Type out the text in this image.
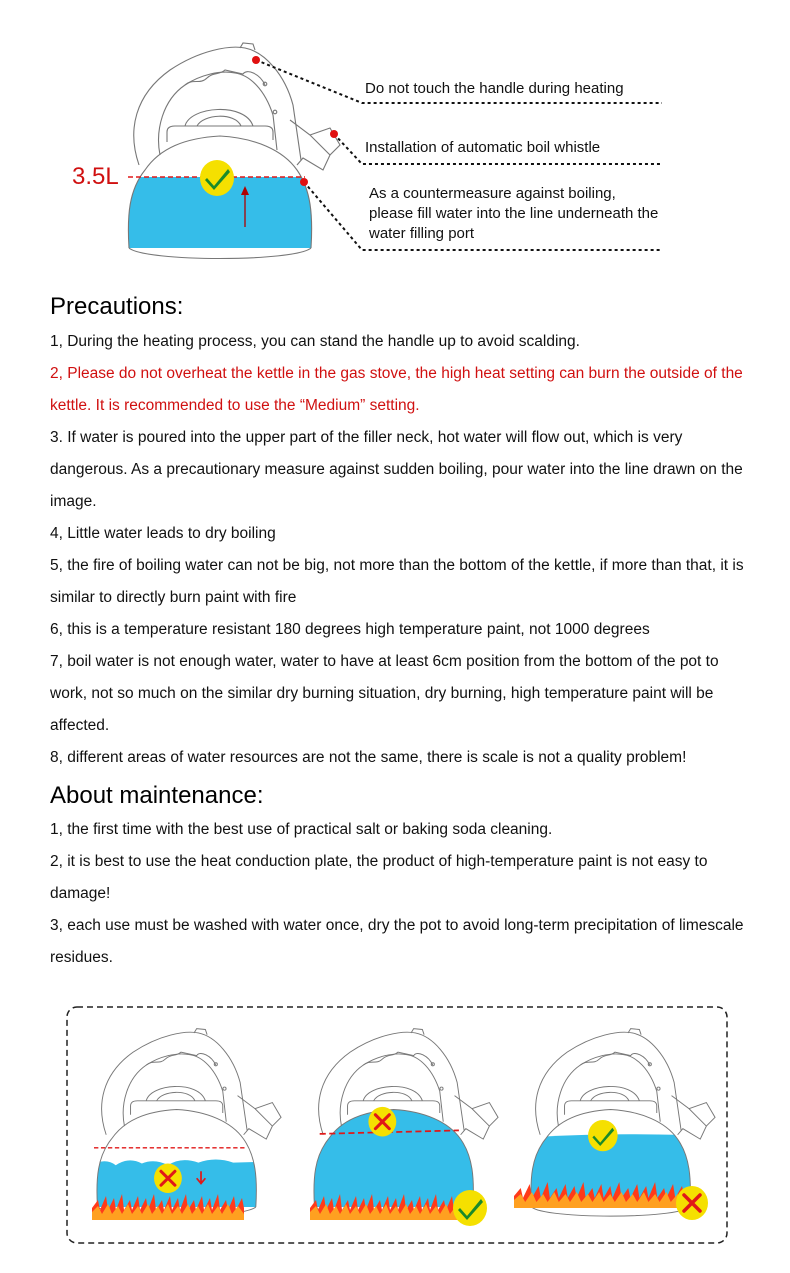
3.5L
Do not touch the handle during heating
Installation of automatic boil whistle
As a countermeasure against boiling, please fill water into the line underneath the water filling port
Precautions:

1, During the heating process, you can stand the handle up to avoid scalding.

2, Please do not overheat the kettle in the gas stove, the high heat setting can burn the outside of the kettle. It is recommended to use the “Medium” setting.

3. If water is poured into the upper part of the filler neck, hot water will flow out, which is very dangerous. As a precautionary measure against sudden boiling, pour water into the line drawn on the image.

4, Little water leads to dry boiling

5, the fire of boiling water can not be big, not more than the bottom of the kettle, if more than that, it is similar to directly burn paint with fire

6, this is a temperature resistant 180 degrees high temperature paint, not 1000 degrees

7, boil water is not enough water, water to have at least 6cm position from the bottom of the pot to work, not so much on the similar dry burning situation, dry burning, high temperature paint will be affected.

8, different areas of water resources are not the same, there is scale is not a quality problem!

About maintenance:

1, the first time with the best use of practical salt or baking soda cleaning.

2, it is best to use the heat conduction plate, the product of high-temperature paint is not easy to damage!

3, each use must be washed with water once, dry the pot to avoid long-term precipitation of limescale residues.
